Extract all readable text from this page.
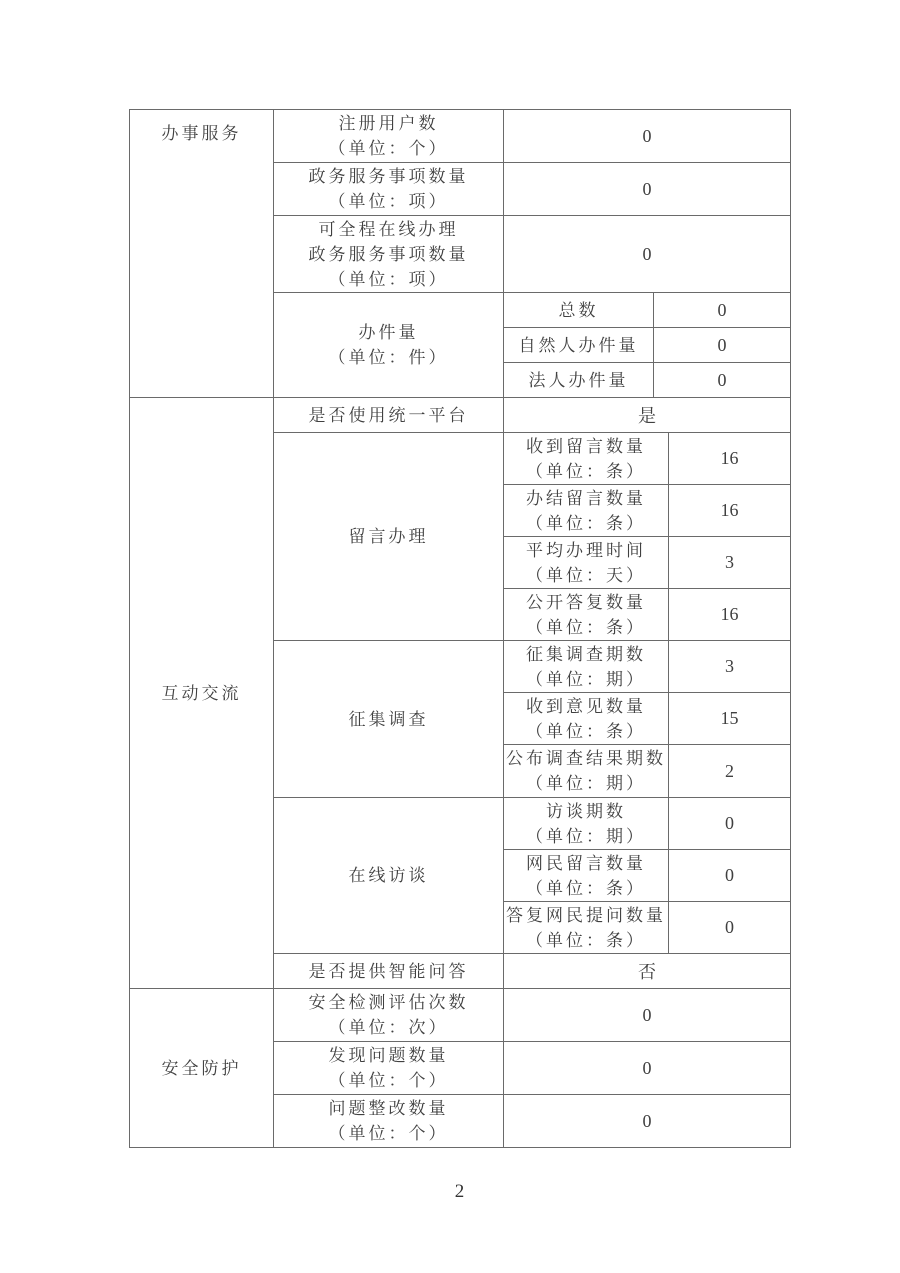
办事服务	注册用户数
（单位：个）	0		

	政务服务事项数量
（单位：项）	0		

	可全程在线办理
政务服务事项数量
（单位：项）	0		

	办件量
（单位：件）	总数	0	

		自然人办件量	0	

		法人办件量	0	

互动交流	是否使用统一平台	是		

	留言办理	收到留言数量
（单位：条）		16

		办结留言数量
（单位：条）		16

		平均办理时间
（单位：天）		3

		公开答复数量
（单位：条）		16

	征集调查	征集调查期数
（单位：期）		3

		收到意见数量
（单位：条）		15

		公布调查结果期数
（单位：期）		2

	在线访谈	访谈期数
（单位：期）		0

		网民留言数量
（单位：条）		0

		答复网民提问数量
（单位：条）		0

	是否提供智能问答	否		

安全防护	安全检测评估次数
（单位：次）	0		

	发现问题数量
（单位：个）	0		

	问题整改数量
（单位：个）	0		
2
